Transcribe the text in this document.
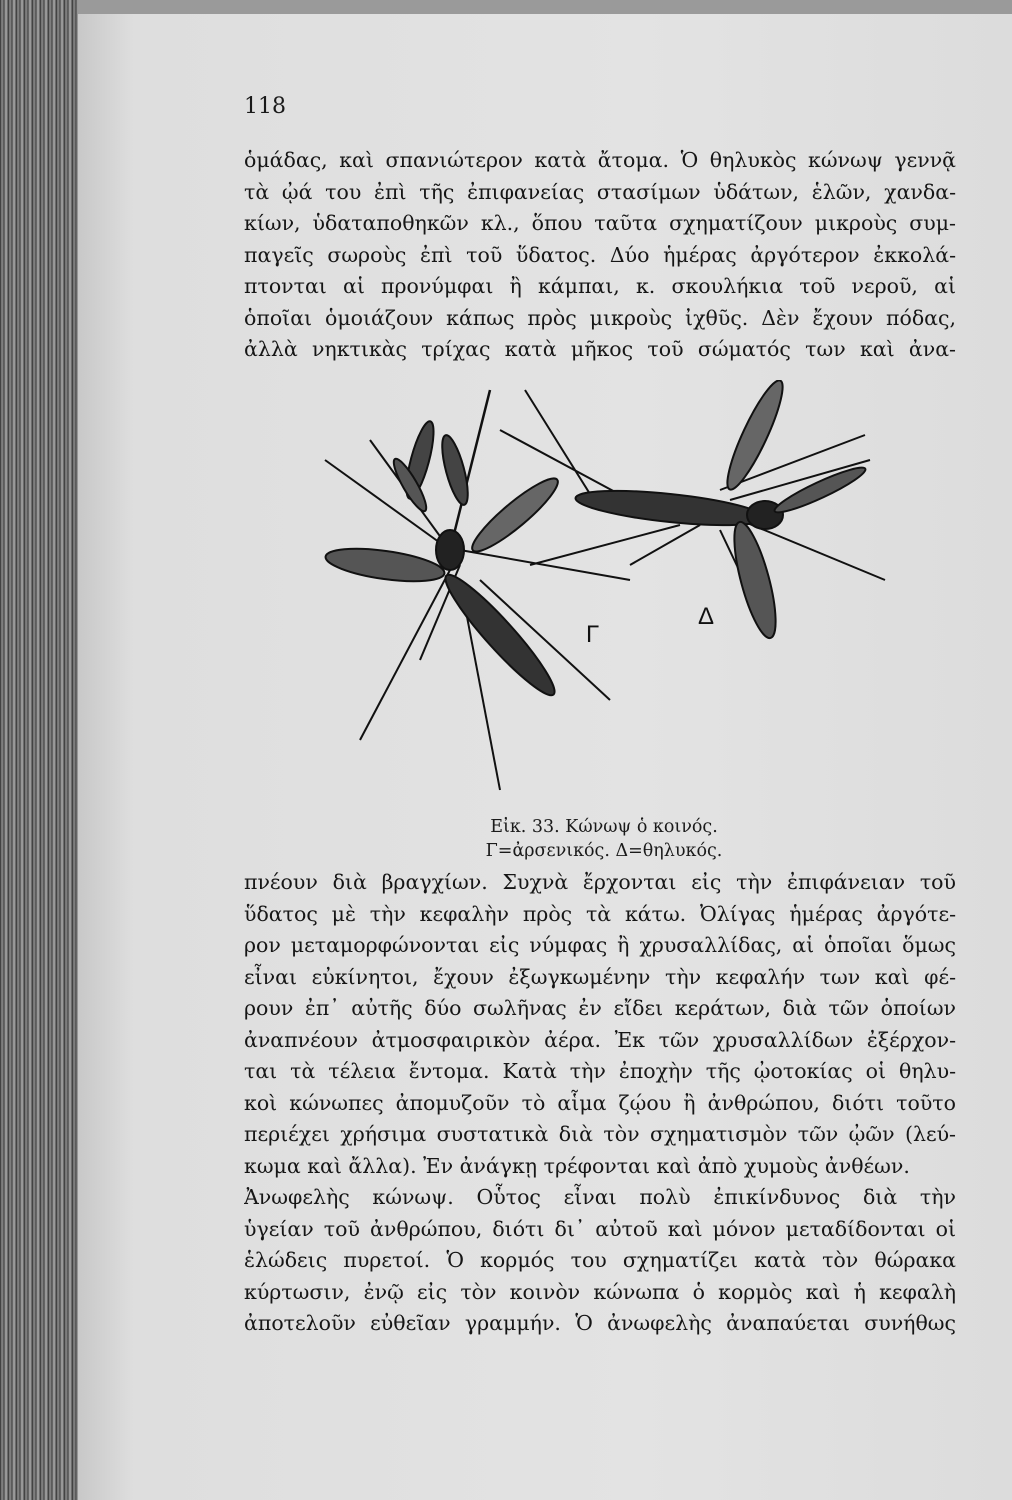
118
ὁμάδας, καὶ σπανιώτερον κατὰ ἄτομα. Ὁ θηλυκὸς κώνωψ γεννᾷ
τὰ ᾠά του ἐπὶ τῆς ἐπιφανείας στασίμων ὑδάτων, ἑλῶν, χανδα-
κίων, ὑδαταποθηκῶν κλ., ὅπου ταῦτα σχηματίζουν μικροὺς συμ-
παγεῖς σωροὺς ἐπὶ τοῦ ὕδατος. Δύο ἡμέρας ἀργότερον ἐκκολά-
πτονται αἱ προνύμφαι ἢ κάμπαι, κ. σκουλήκια τοῦ νεροῦ, αἱ
ὁποῖαι ὁμοιάζουν κάπως πρὸς μικροὺς ἰχθῦς. Δὲν ἔχουν πόδας,
ἀλλὰ νηκτικὰς τρίχας κατὰ μῆκος τοῦ σώματός των καὶ ἀνα-
Γ
Δ
Εἰκ. 33. Κώνωψ ὁ κοινός.
Γ=ἀρσενικός. Δ=θηλυκός.
πνέουν διὰ βραγχίων. Συχνὰ ἔρχονται εἰς τὴν ἐπιφάνειαν τοῦ
ὕδατος μὲ τὴν κεφαλὴν πρὸς τὰ κάτω. Ὀλίγας ἡμέρας ἀργότε-
ρον μεταμορφώνονται εἰς νύμφας ἢ χρυσαλλίδας, αἱ ὁποῖαι ὅμως
εἶναι εὐκίνητοι, ἔχουν ἐξωγκωμένην τὴν κεφαλήν των καὶ φέ-
ρουν ἐπ᾽ αὐτῆς δύο σωλῆνας ἐν εἴδει κεράτων, διὰ τῶν ὁποίων
ἀναπνέουν ἀτμοσφαιρικὸν ἀέρα. Ἐκ τῶν χρυσαλλίδων ἐξέρχον-
ται τὰ τέλεια ἔντομα. Κατὰ τὴν ἐποχὴν τῆς ᾠοτοκίας οἱ θηλυ-
κοὶ κώνωπες ἀπομυζοῦν τὸ αἷμα ζῴου ἢ ἀνθρώπου, διότι τοῦτο
περιέχει χρήσιμα συστατικὰ διὰ τὸν σχηματισμὸν τῶν ᾠῶν (λεύ-
κωμα καὶ ἄλλα). Ἐν ἀνάγκῃ τρέφονται καὶ ἀπὸ χυμοὺς ἀνθέων.
Ἀνωφελὴς κώνωψ. Οὗτος εἶναι πολὺ ἐπικίνδυνος διὰ τὴν
ὑγείαν τοῦ ἀνθρώπου, διότι δι᾽ αὐτοῦ καὶ μόνον μεταδίδονται οἱ
ἑλώδεις πυρετοί. Ὁ κορμός του σχηματίζει κατὰ τὸν θώρακα
κύρτωσιν, ἐνῷ εἰς τὸν κοινὸν κώνωπα ὁ κορμὸς καὶ ἡ κεφαλὴ
ἀποτελοῦν εὐθεῖαν γραμμήν. Ὁ ἀνωφελὴς ἀναπαύεται συνήθως
